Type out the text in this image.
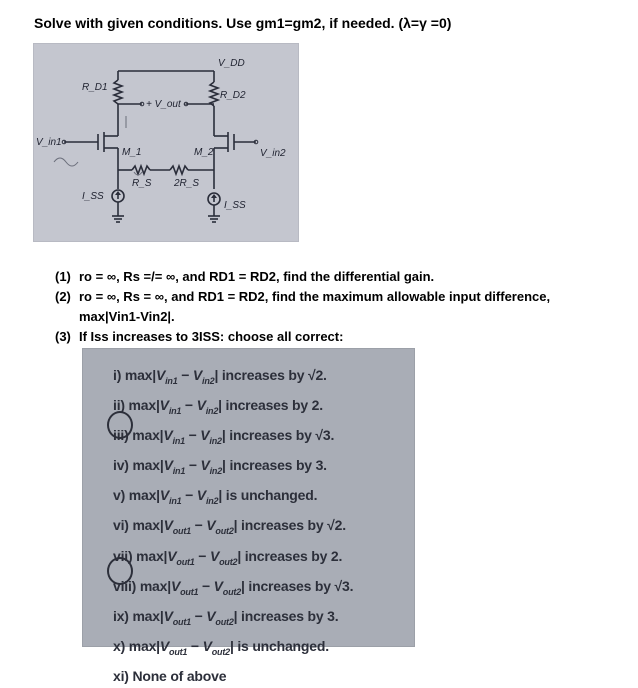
Solve with given conditions. Use gm1=gm2, if needed. (λ=γ =0)
V_DD
R_D1
R_D2
+ V_out -
V_in1
V_in2
M_1	M_2
R_S 2R_S
I_SS
I_SS
(1) ro = ∞, Rs =/= ∞, and RD1 = RD2, find the differential gain.
(2) ro = ∞, Rs = ∞, and RD1 = RD2, find the maximum allowable input difference,
max|Vin1-Vin2|.
(3) If Iss increases to 3ISS: choose all correct:
i) $\max|V_{in1} - V_{in2}|$ increases by √2.
ii) $\max|V_{in1} - V_{in2}|$ increases by 2.
iii) $\max|V_{in1} - V_{in2}|$ increases by √3.
iv) $\max|V_{in1} - V_{in2}|$ increases by 3.
v) $\max|V_{in1} - V_{in2}|$ is unchanged.
vi) $\max|V_{out1} - V_{out2}|$ increases by √2.
vii) $\max|V_{out1} - V_{out2}|$ increases by 2.
viii) $\max|V_{out1} - V_{out2}|$ increases by √3.
ix) $\max|V_{out1} - V_{out2}|$ increases by 3.
x) $\max|V_{out1} - V_{out2}|$ is unchanged.
xi) None of above
